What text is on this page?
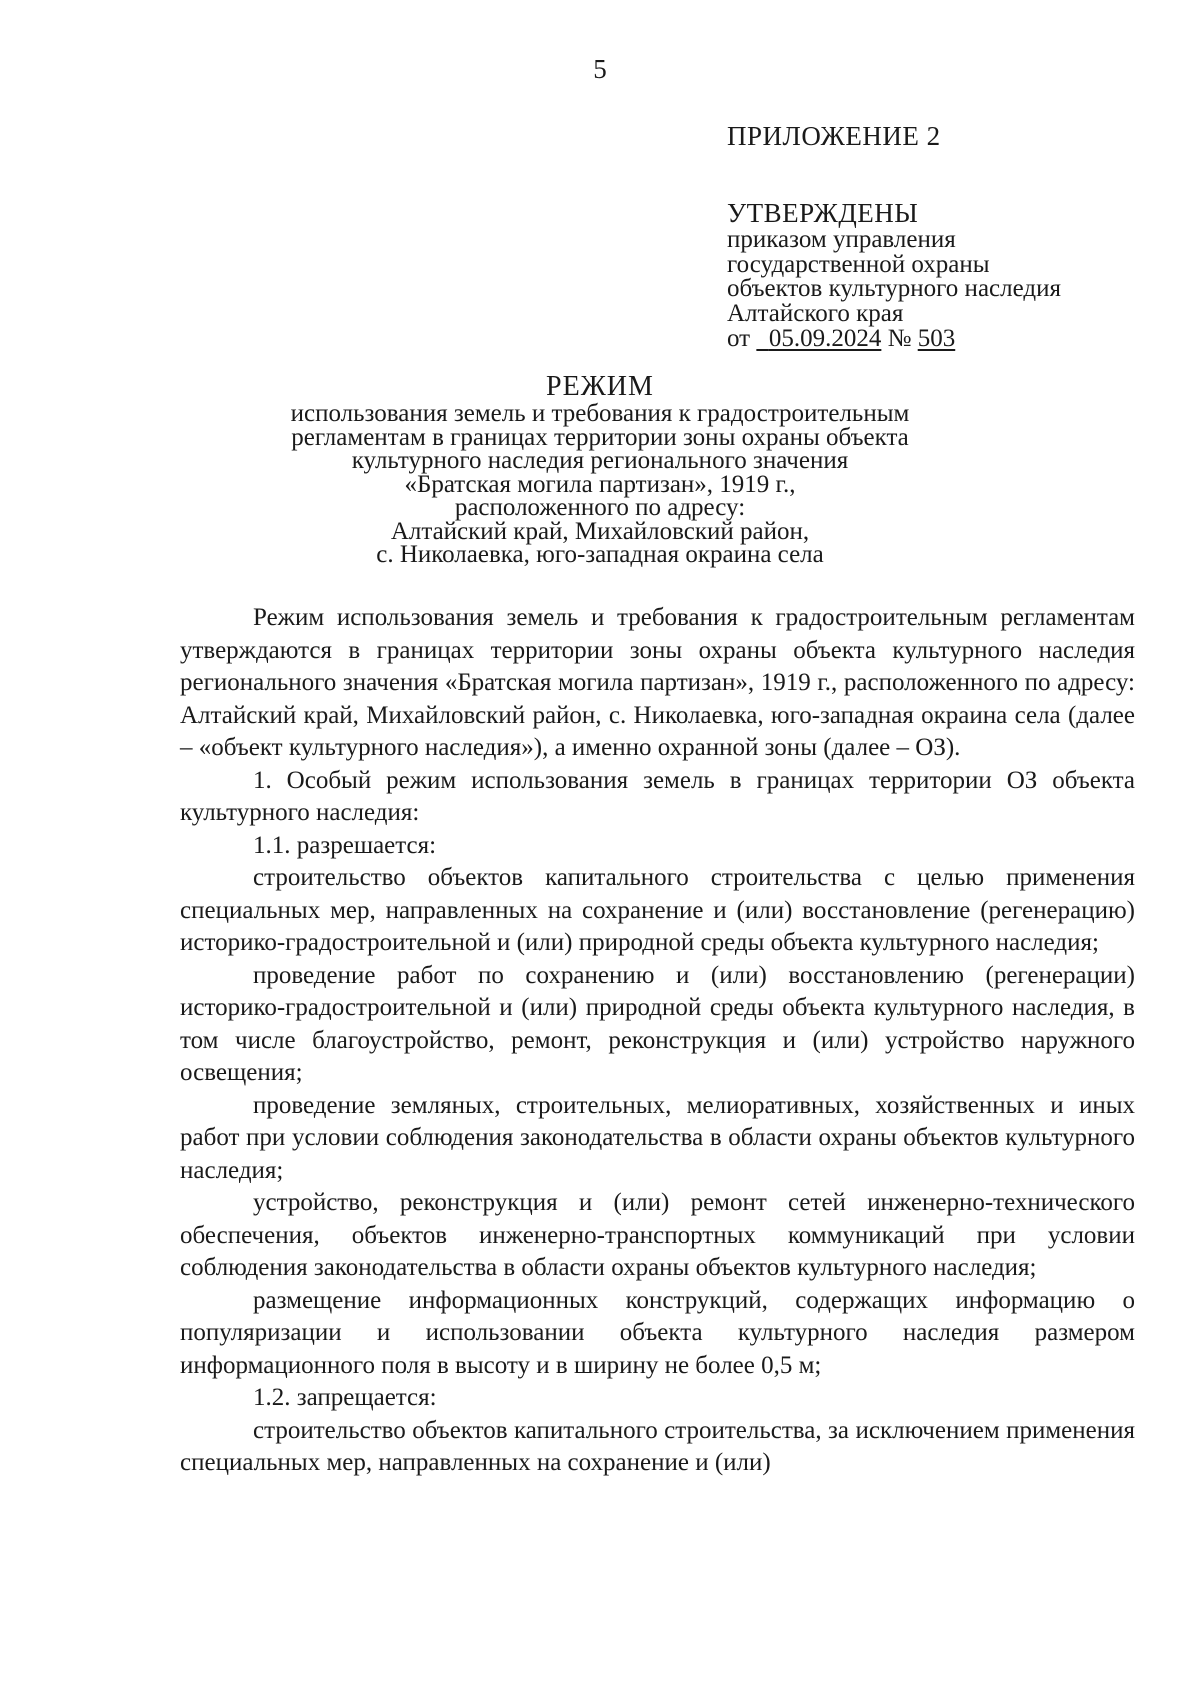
5
ПРИЛОЖЕНИЕ 2
УТВЕРЖДЕНЫ
приказом управления
государственной охраны
объектов культурного наследия
Алтайского края
от 05.09.2024 № 503
РЕЖИМ
использования земель и требования к градостроительным
регламентам в границах территории зоны охраны объекта
культурного наследия регионального значения
«Братская могила партизан», 1919 г.,
расположенного по адресу:
Алтайский край, Михайловский район,
с. Николаевка, юго-западная окраина села

Режим использования земель и требования к градостроительным регламентам утверждаются в границах территории зоны охраны объекта культурного наследия регионального значения «Братская могила партизан», 1919 г., расположенного по адресу: Алтайский край, Михайловский район, с. Николаевка, юго-западная окраина села (далее – «объект культурного наследия»), а именно охранной зоны (далее – ОЗ).

1. Особый режим использования земель в границах территории ОЗ объекта культурного наследия:

1.1. разрешается:

строительство объектов капитального строительства с целью применения специальных мер, направленных на сохранение и (или) восстановление (регенерацию) историко-градостроительной и (или) природной среды объекта культурного наследия;

проведение работ по сохранению и (или) восстановлению (регенерации) историко-градостроительной и (или) природной среды объекта культурного наследия, в том числе благоустройство, ремонт, реконструкция и (или) устройство наружного освещения;

проведение земляных, строительных, мелиоративных, хозяйственных и иных работ при условии соблюдения законодательства в области охраны объектов культурного наследия;

устройство, реконструкция и (или) ремонт сетей инженерно-технического обеспечения, объектов инженерно-транспортных коммуникаций при условии соблюдения законодательства в области охраны объектов культурного наследия;

размещение информационных конструкций, содержащих информацию о популяризации и использовании объекта культурного наследия размером информационного поля в высоту и в ширину не более 0,5 м;

1.2. запрещается:

строительство объектов капитального строительства, за исключением применения специальных мер, направленных на сохранение и (или)
